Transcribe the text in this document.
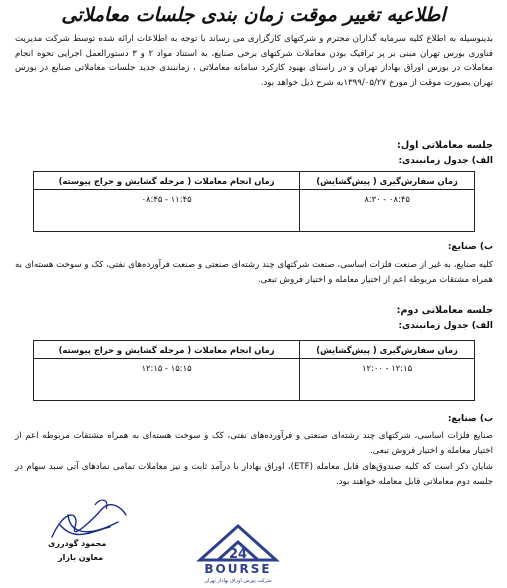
اطلاعیه تغییر موقت زمان بندی جلسات معاملاتی
بدینوسیله به اطلاع کلیه سرمایه گذاران محترم و شرکتهای کارگزاری می رساند با توجه به اطلاعات ارائه شده توسط شرکت مدیریت فناوری بورس تهران مبنی بر پر ترافیک بودن معاملات شرکتهای برخی صنایع، به استناد مواد ۲ و ۳ دستورالعمل اجرایی نحوه انجام معاملات در بورس اوراق بهادار تهران و در راستای بهبود کارکرد سامانه معاملاتی ، زمانبندی جدید جلسات معاملاتی صنایع در بورس تهران بصورت موقت از مورخ ۱۳۹۹/۰۵/۲۷به شرح ذیل خواهد بود.
جلسه معاملاتی اول:
الف) جدول زمانبندی:
زمان سفارش‌گیری ( پیش‌گشایش)	زمان انجام معاملات ( مرحله گشایش و حراج پیوسته)
۰۸:۴۵ - ۸:۳۰	۱۱:۴۵ - ۰۸:۴۵
ب) صنایع:
کلیه صنایع، به غیر از صنعت فلزات اساسی، صنعت شرکتهای چند رشته‌ای صنعتی و صنعت فرآورده‌های نفتی، کک و سوخت هسته‌ای به همراه مشتقات مربوطه اعم از اختیار معامله و اختیار فروش تبعی.
جلسه معاملاتی دوم:
الف) جدول زمانبندی:
زمان سفارش‌گیری ( پیش‌گشایش)	زمان انجام معاملات ( مرحله گشایش و حراج پیوسته)
۱۲:۱۵ - ۱۲:۰۰	۱۵:۱۵ - ۱۲:۱۵
ب) صنایع:
صنایع فلزات اساسی، شرکتهای چند رشته‌ای صنعتی و فرآورده‌های نفتی، کک و سوخت هسته‌ای به همراه مشتقات مربوطه اعم از اختیار معامله و اختیار فروش تبعی.
شایان ذکر است که کلیه صندوق‌های قابل معامله (ETF)، اوراق بهادار با درآمد ثابت و نیز معاملات تمامی نمادهای آتی سبد سهام در جلسه دوم معاملاتی قابل معامله خواهند بود.
محمود گودرزی
معاون بازار	24
BOURSE
شرکت بورس اوراق بهادار تهران
